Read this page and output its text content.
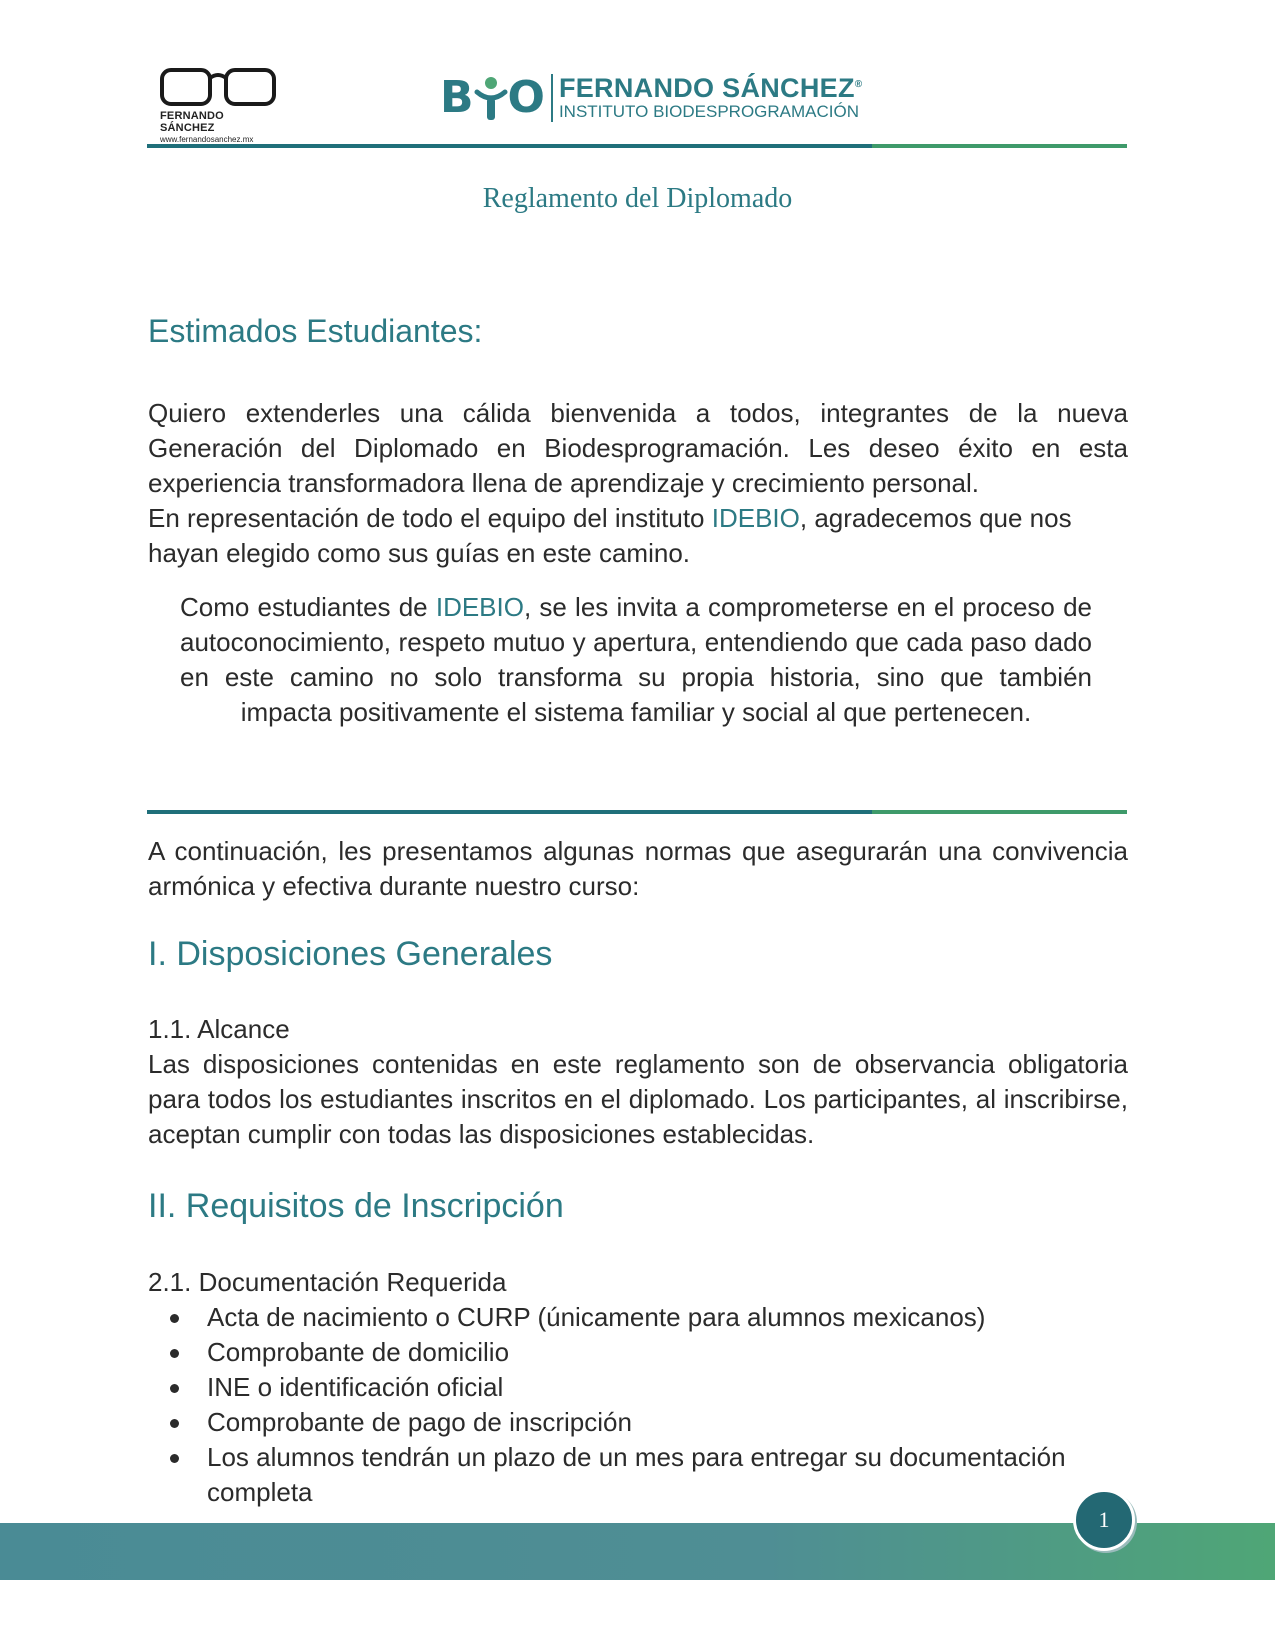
FERNANDO SÁNCHEZ
www.fernandosanchez.mx
B O FERNANDO SÁNCHEZ®
INSTITUTO BIODESPROGRAMACIÓN
Reglamento del Diplomado
Estimados Estudiantes:

Quiero extenderles una cálida bienvenida a todos, integrantes de la nueva Generación del Diplomado en Biodesprogramación. Les deseo éxito en esta experiencia transformadora llena de aprendizaje y crecimiento personal.

En representación de todo el equipo del instituto IDEBIO, agradecemos que nos hayan elegido como sus guías en este camino.

Como estudiantes de IDEBIO, se les invita a comprometerse en el proceso de autoconocimiento, respeto mutuo y apertura, entendiendo que cada paso dado en este camino no solo transforma su propia historia, sino que también impacta positivamente el sistema familiar y social al que pertenecen.

A continuación, les presentamos algunas normas que asegurarán una convivencia armónica y efectiva durante nuestro curso:

I. Disposiciones Generales

1.1. Alcance

Las disposiciones contenidas en este reglamento son de observancia obligatoria para todos los estudiantes inscritos en el diplomado. Los participantes, al inscribirse, aceptan cumplir con todas las disposiciones establecidas.

II. Requisitos de Inscripción

2.1. Documentación Requerida

Acta de nacimiento o CURP (únicamente para alumnos mexicanos)
Comprobante de domicilio
INE o identificación oficial
Comprobante de pago de inscripción
Los alumnos tendrán un plazo de un mes para entregar su documentación completa
1
